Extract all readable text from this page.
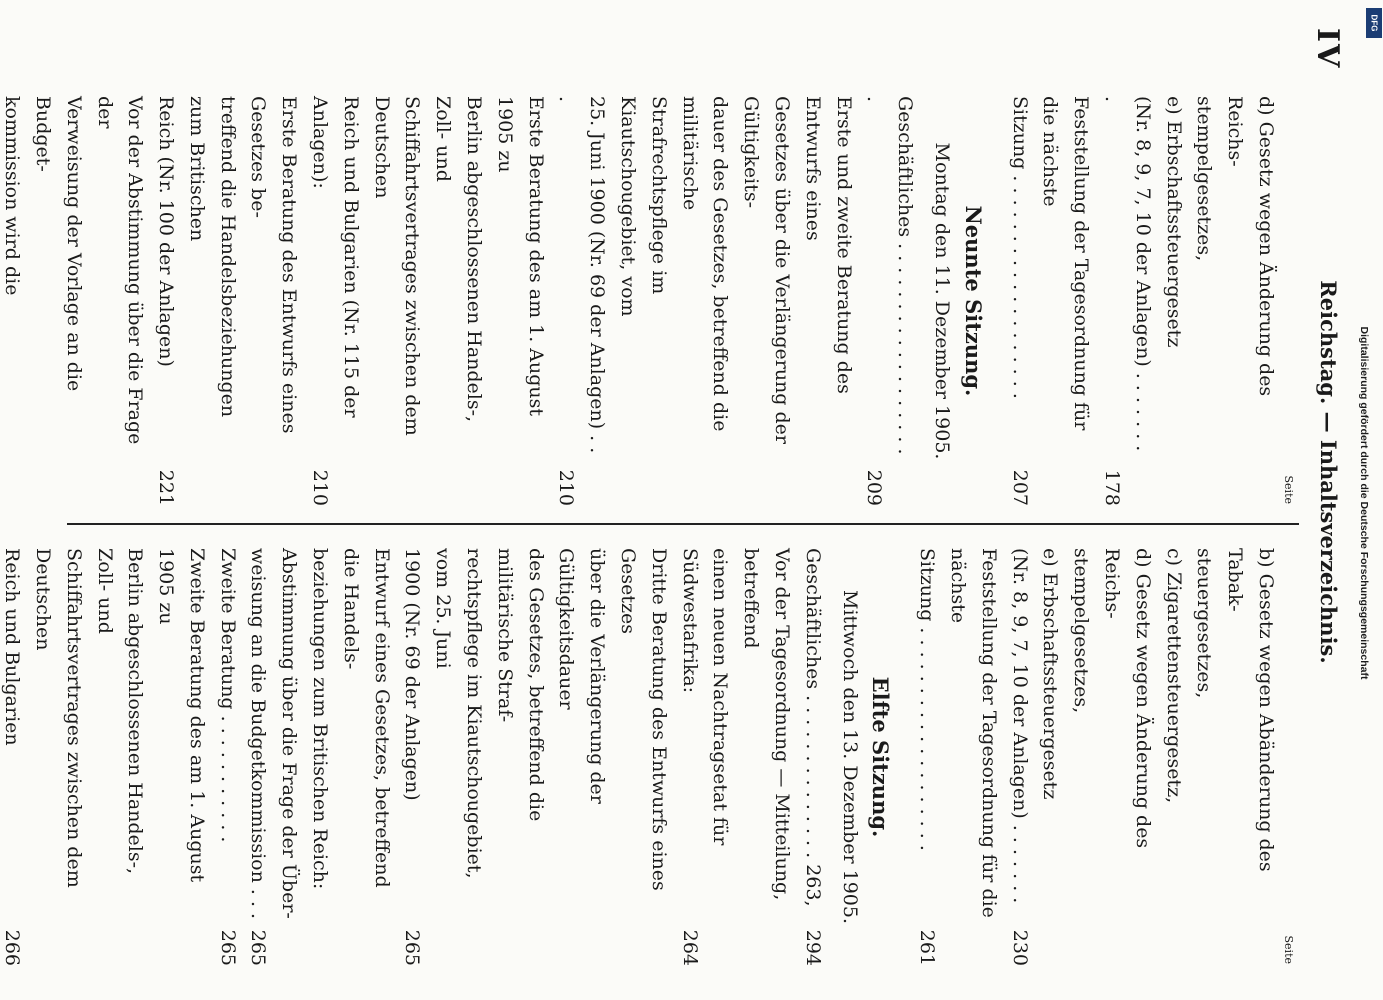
IV
Reichstag. — Inhaltsverzeichnis.
Seite
d) Gesetz wegen Änderung des Reichs-
stempelgesetzes,
e) Erbschaftssteuergesetz
(Nr. 8, 9, 7, 10 der Anlagen) . . . . . . . .
178
Feststellung der Tagesordnung für die nächste
Sitzung . . . . . . . . . . . . . . . . . . .
207
Neunte Sitzung.
Montag den 11. Dezember 1905.
Geschäftliches . . . . . . . . . . . . . . . . . . .
209
Erste und zweite Beratung des Entwurfs eines
Gesetzes über die Verlängerung der Gültigkeits-
dauer des Gesetzes, betreffend die militärische
Strafrechtspflege im Kiautschougebiet, vom
25. Juni 1900 (Nr. 69 der Anlagen) . . .
210
Erste Beratung des am 1. August 1905 zu
Berlin abgeschlossenen Handels-, Zoll- und
Schiffahrtsvertrages zwischen dem Deutschen
Reich und Bulgarien (Nr. 115 der Anlagen):
210
Erste Beratung des Entwurfs eines Gesetzes be-
treffend die Handelsbeziehungen zum Britischen
Reich (Nr. 100 der Anlagen)
221
Vor der Abstimmung über die Frage der
Verweisung der Vorlage an die Budget-
kommission wird die
Seite
b) Gesetz wegen Abänderung des Tabak-
steuergesetzes,
c) Zigarettensteuergesetz,
d) Gesetz wegen Änderung des Reichs-
stempelgesetzes,
e) Erbschaftssteuergesetz
(Nr. 8, 9, 7, 10 der Anlagen) . . . . . . .
230
Feststellung der Tagesordnung für die nächste
Sitzung . . . . . . . . . . . . . . . . . . .
261
Elfte Sitzung.
Mittwoch den 13. Dezember 1905.
Geschäftliches . . . . . . . . . . . . . . 263,
294
Vor der Tagesordnung — Mitteilung, betreffend
einen neuen Nachtragsetat für Südwestafrika:
264
Dritte Beratung des Entwurfs eines Gesetzes
über die Verlängerung der Gültigkeitsdauer
des Gesetzes, betreffend die militärische Straf-
rechtspflege im Kiautschougebiet, vom 25. Juni
1900 (Nr. 69 der Anlagen)
265
Entwurf eines Gesetzes, betreffend die Handels-
beziehungen zum Britischen Reich:
Abstimmung über die Frage der Über-
weisung an die Budgetkommission . . .
265
Zweite Beratung . . . . . . . . . . .
265
Zweite Beratung des am 1. August 1905 zu
Berlin abgeschlossenen Handels-, Zoll- und
Schiffahrtsvertrages zwischen dem Deutschen
Reich und Bulgarien
266
Digitalisierung gefördert durch die Deutsche Forschungsgemeinschaft
DFG
